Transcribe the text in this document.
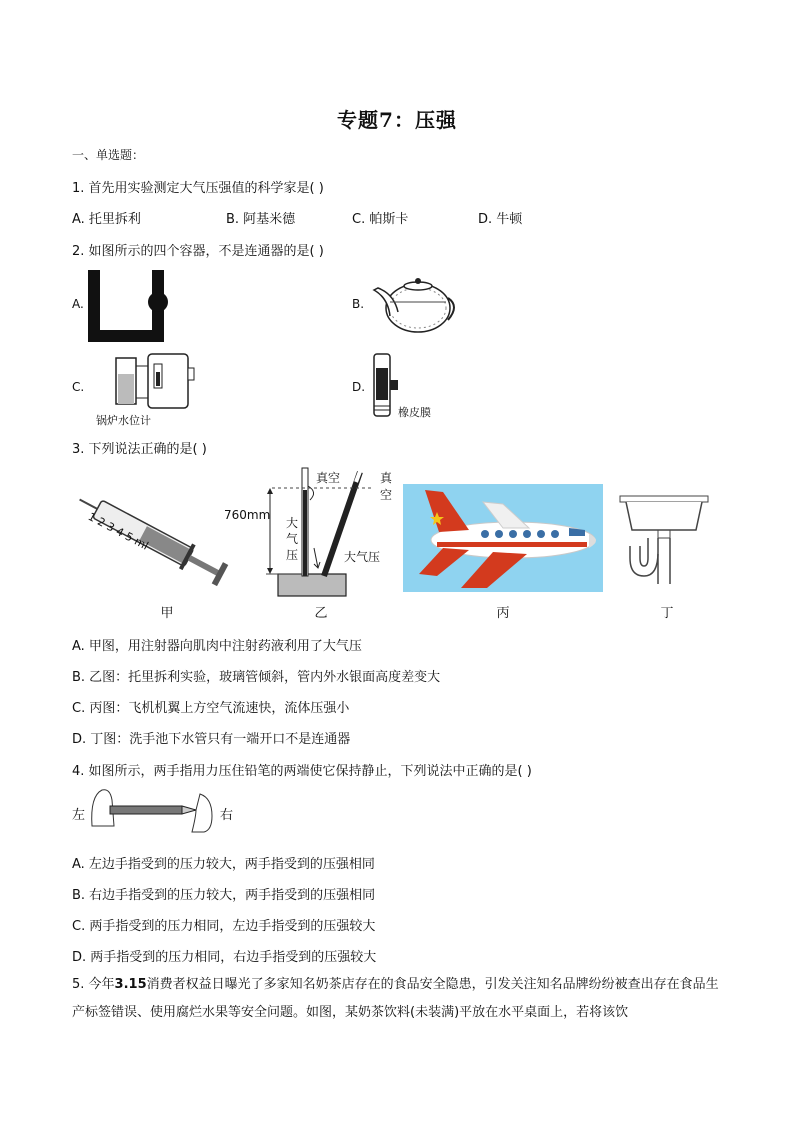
专题7：压强
一、单选题：
1. 首先用实验测定大气压强值的科学家是( )
A. 托里拆利	B. 阿基米德	C. 帕斯卡	D. 牛顿
2. 如图所示的四个容器，不是连通器的是( )
A.	B.
C.
锅炉水位计
D.
橡皮膜
3. 下列说法正确的是( )
1 2 3 4 5 ml
甲
真空	真
空
760mm
大
气
压	大气压
乙	丙	丁
A. 甲图，用注射器向肌肉中注射药液利用了大气压
B. 乙图：托里拆利实验，玻璃管倾斜，管内外水银面高度差变大
C. 丙图：飞机机翼上方空气流速快，流体压强小
D. 丁图：洗手池下水管只有一端开口不是连通器
4. 如图所示，两手指用力压住铅笔的两端使它保持静止，下列说法中正确的是( )
左	右
A. 左边手指受到的压力较大，两手指受到的压强相同
B. 右边手指受到的压力较大，两手指受到的压强相同
C. 两手指受到的压力相同，左边手指受到的压强较大
D. 两手指受到的压力相同，右边手指受到的压强较大
5. 今年3.15消费者权益日曝光了多家知名奶茶店存在的食品安全隐患，引发关注知名品牌纷纷被查出存在食品生产标签错误、使用腐烂水果等安全问题。如图，某奶茶饮料(未装满)平放在水平桌面上，若将该饮
